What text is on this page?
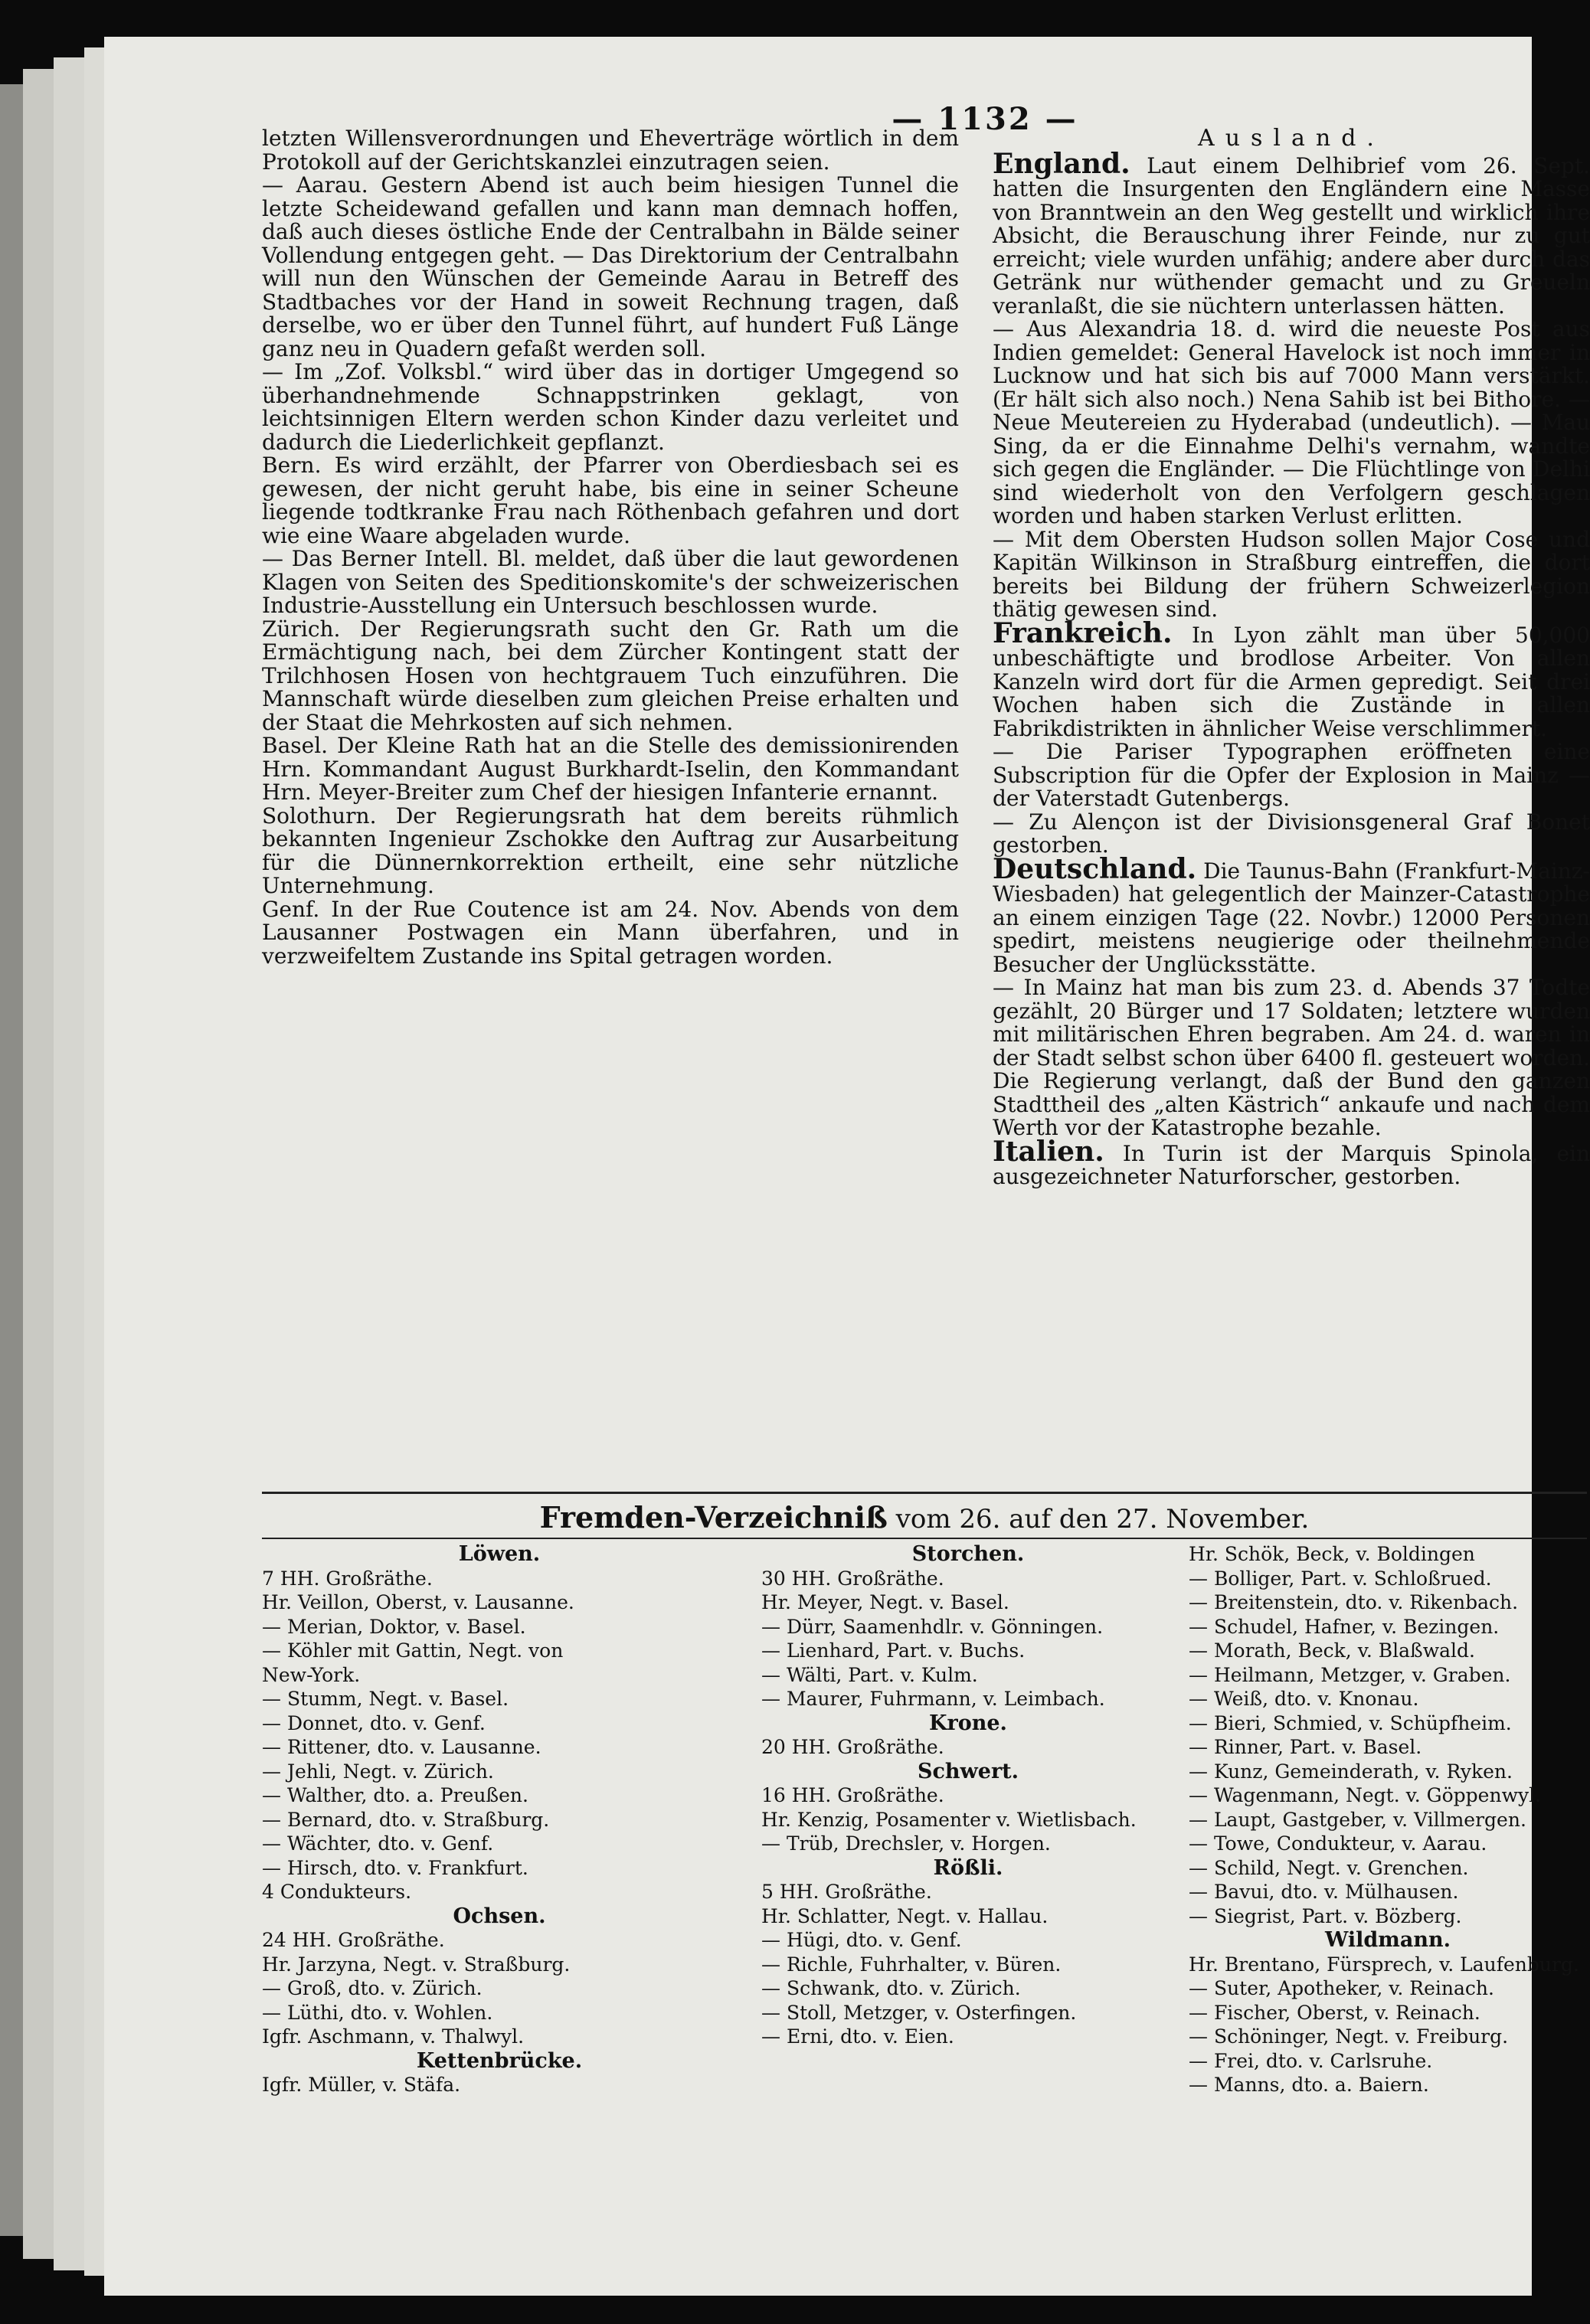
— 1132 —

letzten Willensverordnungen und Eheverträge wörtlich in dem Protokoll auf der Gerichtskanzlei einzutragen seien.

— Aarau. Gestern Abend ist auch beim hiesigen Tunnel die letzte Scheidewand gefallen und kann man demnach hoffen, daß auch dieses östliche Ende der Centralbahn in Bälde seiner Vollendung entgegen geht. — Das Direktorium der Centralbahn will nun den Wünschen der Gemeinde Aarau in Betreff des Stadtbaches vor der Hand in soweit Rechnung tragen, daß derselbe, wo er über den Tunnel führt, auf hundert Fuß Länge ganz neu in Quadern gefaßt werden soll.

— Im „Zof. Volksbl.“ wird über das in dortiger Umgegend so überhandnehmende Schnappstrinken geklagt, von leichtsinnigen Eltern werden schon Kinder dazu verleitet und dadurch die Liederlichkeit gepflanzt.

Bern. Es wird erzählt, der Pfarrer von Oberdiesbach sei es gewesen, der nicht geruht habe, bis eine in seiner Scheune liegende todtkranke Frau nach Röthenbach gefahren und dort wie eine Waare abgeladen wurde.

— Das Berner Intell. Bl. meldet, daß über die laut gewordenen Klagen von Seiten des Speditionskomite's der schweizerischen Industrie-Ausstellung ein Untersuch beschlossen wurde.

Zürich. Der Regierungsrath sucht den Gr. Rath um die Ermächtigung nach, bei dem Zürcher Kontingent statt der Trilchhosen Hosen von hechtgrauem Tuch einzuführen. Die Mannschaft würde dieselben zum gleichen Preise erhalten und der Staat die Mehrkosten auf sich nehmen.

Basel. Der Kleine Rath hat an die Stelle des demissionirenden Hrn. Kommandant August Burkhardt-Iselin, den Kommandant Hrn. Meyer-Breiter zum Chef der hiesigen Infanterie ernannt.

Solothurn. Der Regierungsrath hat dem bereits rühmlich bekannten Ingenieur Zschokke den Auftrag zur Ausarbeitung für die Dünnernkorrektion ertheilt, eine sehr nützliche Unternehmung.

Genf. In der Rue Coutence ist am 24. Nov. Abends von dem Lausanner Postwagen ein Mann überfahren, und in verzweifeltem Zustande ins Spital getragen worden.

Ausland.

England. Laut einem Delhibrief vom 26. Sept. hatten die Insurgenten den Engländern eine Masse von Branntwein an den Weg gestellt und wirklich ihre Absicht, die Berauschung ihrer Feinde, nur zu gut erreicht; viele wurden unfähig; andere aber durch das Getränk nur wüthender gemacht und zu Greueln veranlaßt, die sie nüchtern unterlassen hätten.

— Aus Alexandria 18. d. wird die neueste Post aus Indien gemeldet: General Havelock ist noch immer in Lucknow und hat sich bis auf 7000 Mann verstärkt. (Er hält sich also noch.) Nena Sahib ist bei Bithore. — Neue Meutereien zu Hyderabad (undeutlich). — Mau Sing, da er die Einnahme Delhi's vernahm, wandte sich gegen die Engländer. — Die Flüchtlinge von Delhi sind wiederholt von den Verfolgern geschlagen worden und haben starken Verlust erlitten.

— Mit dem Obersten Hudson sollen Major Cose und Kapitän Wilkinson in Straßburg eintreffen, die dort bereits bei Bildung der frühern Schweizerlegion thätig gewesen sind.

Frankreich. In Lyon zählt man über 50,000 unbeschäftigte und brodlose Arbeiter. Von allen Kanzeln wird dort für die Armen gepredigt. Seit drei Wochen haben sich die Zustände in allen Fabrikdistrikten in ähnlicher Weise verschlimmert.

— Die Pariser Typographen eröffneten eine Subscription für die Opfer der Explosion in Mainz — der Vaterstadt Gutenbergs.

— Zu Alençon ist der Divisionsgeneral Graf Bonet gestorben.

Deutschland. Die Taunus-Bahn (Frankfurt-Mainz-Wiesbaden) hat gelegentlich der Mainzer-Catastrophe an einem einzigen Tage (22. Novbr.) 12000 Personen spedirt, meistens neugierige oder theilnehmende Besucher der Unglücksstätte.

— In Mainz hat man bis zum 23. d. Abends 37 Todte gezählt, 20 Bürger und 17 Soldaten; letztere wurden mit militärischen Ehren begraben. Am 24. d. waren in der Stadt selbst schon über 6400 fl. gesteuert worden. Die Regierung verlangt, daß der Bund den ganzen Stadttheil des „alten Kästrich“ ankaufe und nach dem Werth vor der Katastrophe bezahle.

Italien. In Turin ist der Marquis Spinola, ein ausgezeichneter Naturforscher, gestorben.

Fremden-Verzeichniß vom 26. auf den 27. November.
Löwen.
7 HH. Großräthe.
Hr. Veillon, Oberst, v. Lausanne.
— Merian, Doktor, v. Basel.
— Köhler mit Gattin, Negt. von
New-York.
— Stumm, Negt. v. Basel.
— Donnet, dto. v. Genf.
— Rittener, dto. v. Lausanne.
— Jehli, Negt. v. Zürich.
— Walther, dto. a. Preußen.
— Bernard, dto. v. Straßburg.
— Wächter, dto. v. Genf.
— Hirsch, dto. v. Frankfurt.
4 Condukteurs.
Ochsen.
24 HH. Großräthe.
Hr. Jarzyna, Negt. v. Straßburg.
— Groß, dto. v. Zürich.
— Lüthi, dto. v. Wohlen.
Igfr. Aschmann, v. Thalwyl.
Kettenbrücke.
Igfr. Müller, v. Stäfa.
Storchen.
30 HH. Großräthe.
Hr. Meyer, Negt. v. Basel.
— Dürr, Saamenhdlr. v. Gönningen.
— Lienhard, Part. v. Buchs.
— Wälti, Part. v. Kulm.
— Maurer, Fuhrmann, v. Leimbach.
Krone.
20 HH. Großräthe.
Schwert.
16 HH. Großräthe.
Hr. Kenzig, Posamenter v. Wietlisbach.
— Trüb, Drechsler, v. Horgen.
Rößli.
5 HH. Großräthe.
Hr. Schlatter, Negt. v. Hallau.
— Hügi, dto. v. Genf.
— Richle, Fuhrhalter, v. Büren.
— Schwank, dto. v. Zürich.
— Stoll, Metzger, v. Osterfingen.
— Erni, dto. v. Eien.
Hr. Schök, Beck, v. Boldingen
— Bolliger, Part. v. Schloßrued.
— Breitenstein, dto. v. Rikenbach.
— Schudel, Hafner, v. Bezingen.
— Morath, Beck, v. Blaßwald.
— Heilmann, Metzger, v. Graben.
— Weiß, dto. v. Knonau.
— Bieri, Schmied, v. Schüpfheim.
— Rinner, Part. v. Basel.
— Kunz, Gemeinderath, v. Ryken.
— Wagenmann, Negt. v. Göppenwyl.
— Laupt, Gastgeber, v. Villmergen.
— Towe, Condukteur, v. Aarau.
— Schild, Negt. v. Grenchen.
— Bavui, dto. v. Mülhausen.
— Siegrist, Part. v. Bözberg.
Wildmann.
Hr. Brentano, Fürsprech, v. Laufenburg.
— Suter, Apotheker, v. Reinach.
— Fischer, Oberst, v. Reinach.
— Schöninger, Negt. v. Freiburg.
— Frei, dto. v. Carlsruhe.
— Manns, dto. a. Baiern.
